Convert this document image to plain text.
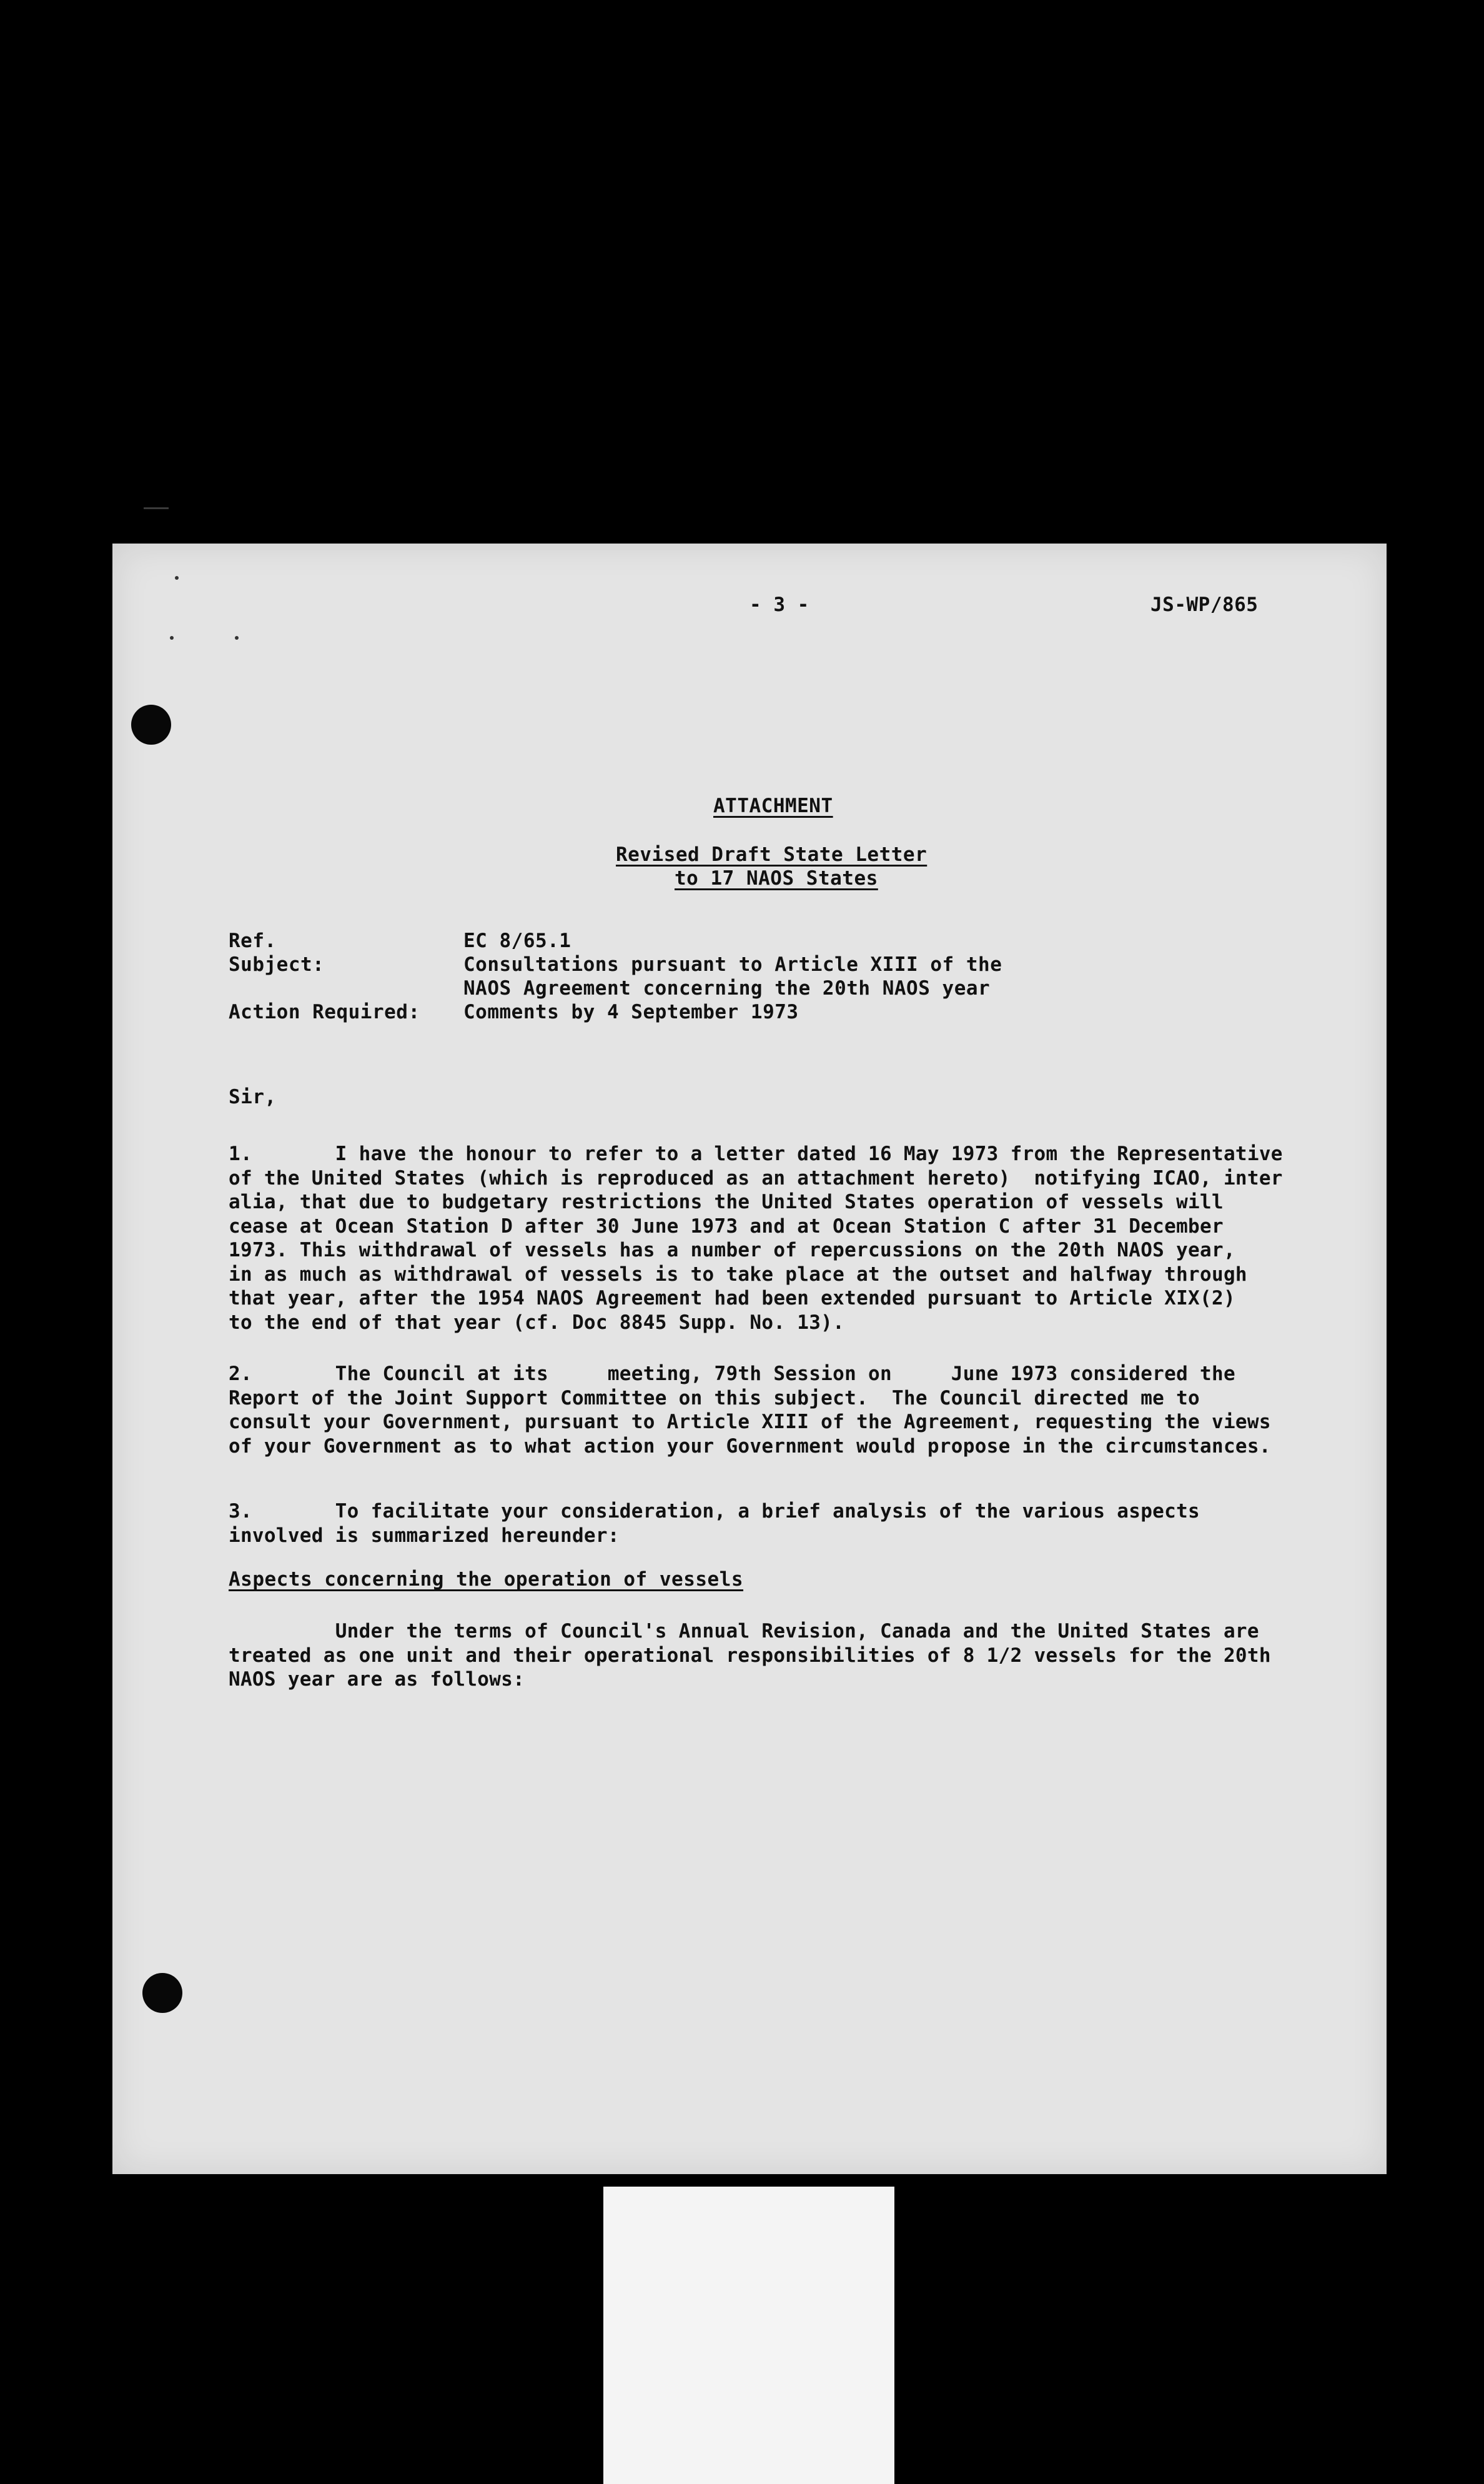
- 3 -	JS-WP/865

ATTACHMENT

Revised Draft State Letter

to 17 NAOS States

Ref.	EC 8/65.1

Subject:	Consultations pursuant to Article XIII of the

NAOS Agreement concerning the 20th NAOS year

Action Required: Comments by 4 September 1973

Sir,

1.       I have the honour to refer to a letter dated 16 May 1973 from the Representative
of the United States (which is reproduced as an attachment hereto)  notifying ICAO, inter
alia, that due to budgetary restrictions the United States operation of vessels will
cease at Ocean Station D after 30 June 1973 and at Ocean Station C after 31 December
1973. This withdrawal of vessels has a number of repercussions on the 20th NAOS year,
in as much as withdrawal of vessels is to take place at the outset and halfway through
that year, after the 1954 NAOS Agreement had been extended pursuant to Article XIX(2)
to the end of that year (cf. Doc 8845 Supp. No. 13).

2.       The Council at its     meeting, 79th Session on     June 1973 considered the
Report of the Joint Support Committee on this subject.  The Council directed me to
consult your Government, pursuant to Article XIII of the Agreement, requesting the views
of your Government as to what action your Government would propose in the circumstances.

3.       To facilitate your consideration, a brief analysis of the various aspects
involved is summarized hereunder:

Aspects concerning the operation of vessels

Under the terms of Council's Annual Revision, Canada and the United States are
treated as one unit and their operational responsibilities of 8 1/2 vessels for the 20th
NAOS year are as follows:
